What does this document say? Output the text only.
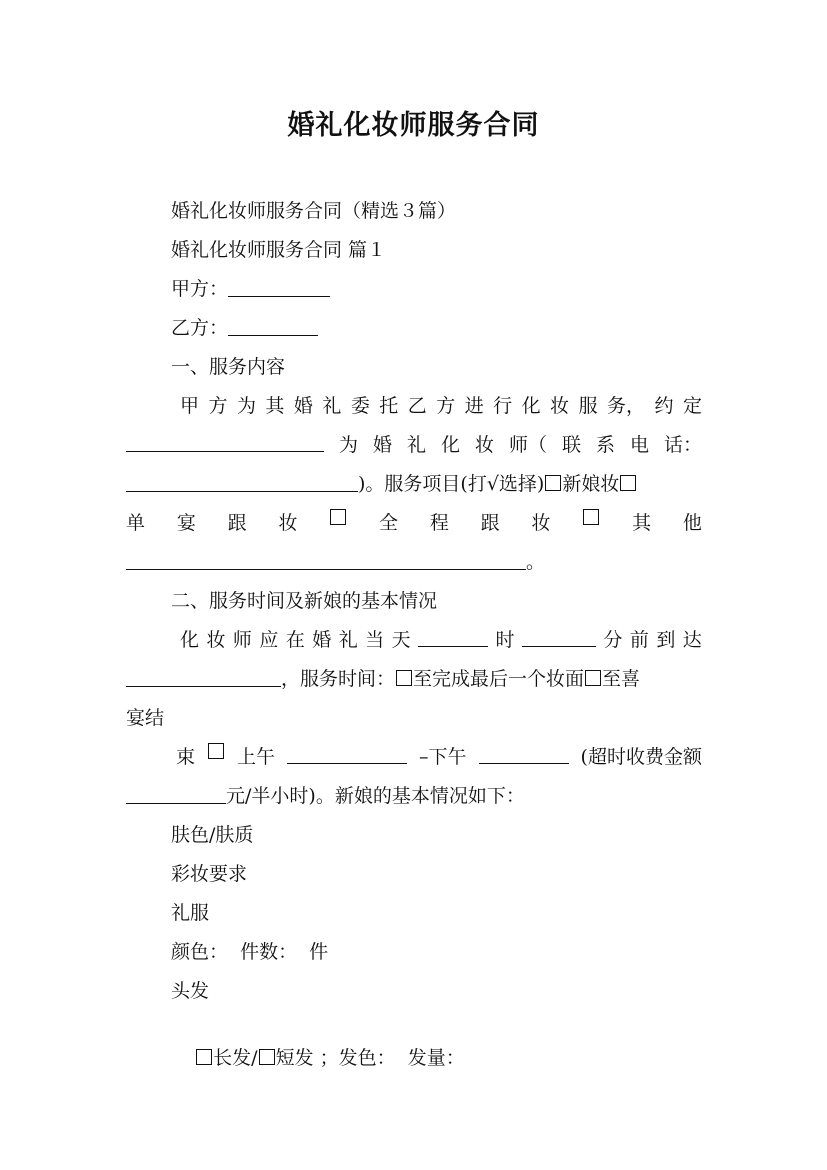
婚礼化妆师服务合同
婚礼化妆师服务合同（精选３篇）
婚礼化妆师服务合同 篇１
甲方：
乙方：
一、服务内容
甲 方 为 其 婚 礼 委 托 乙 方 进 行 化 妆 服 务， 约 定
为 婚 礼 化 妆 师（ 联 系 电 话：
)。服务项目(打√选择) 新娘妆
单 宴 跟 妆	全 程 跟 妆	其 他
。
二、服务时间及新娘的基本情况
化 妆 师 应 在 婚 礼 当 天	时	分 前 到 达
，服务时间： 至完成最后一个妆面 至喜
宴结
束 上午	–下午	(超时收费金额
元/半小时)。新娘的基本情况如下：
肤色/肤质
彩妆要求
礼服
颜色：  件数：  件
头发

长发/ 短发 ；发色：  发量：
